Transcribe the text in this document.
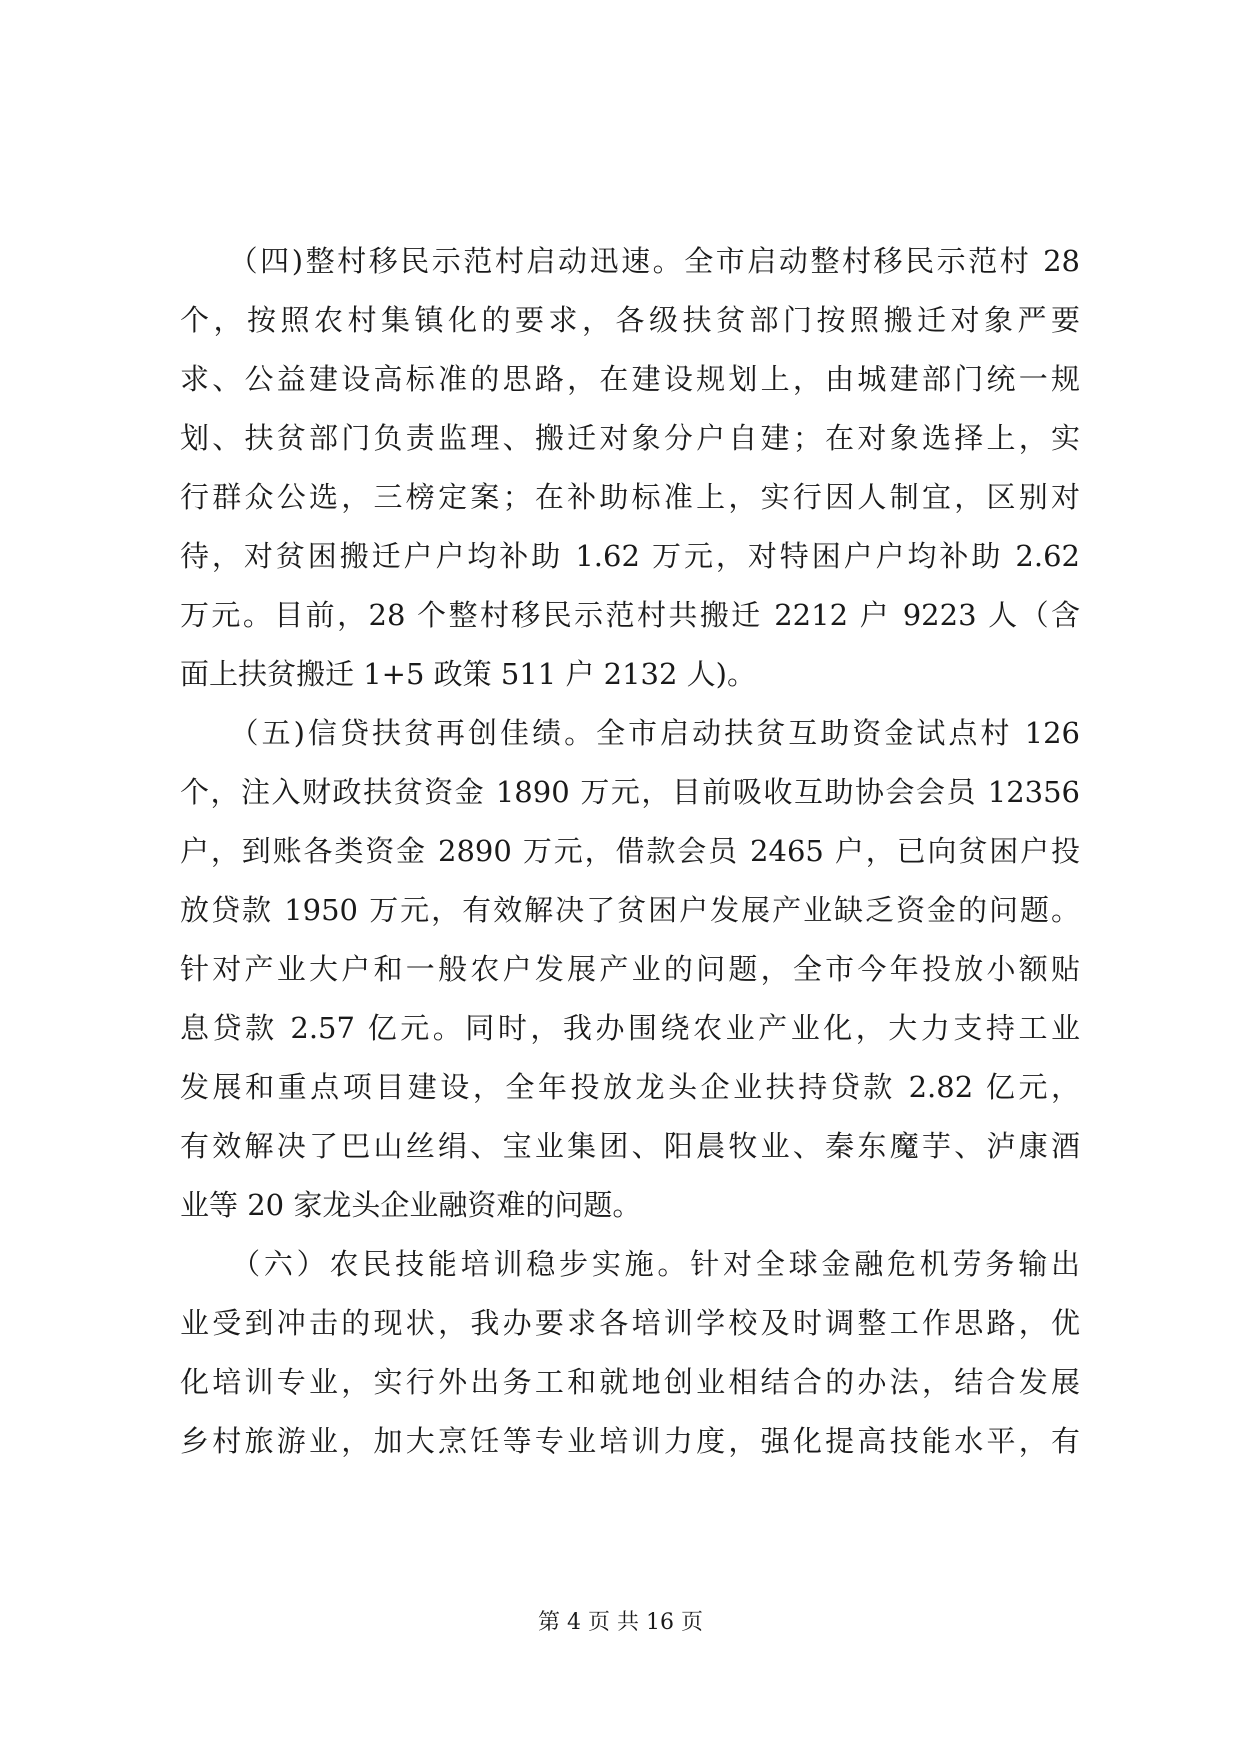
　　（四)整村移民示范村启动迅速。全市启动整村移民示范村 28
个，按照农村集镇化的要求，各级扶贫部门按照搬迁对象严要
求、公益建设高标准的思路，在建设规划上，由城建部门统一规
划、扶贫部门负责监理、搬迁对象分户自建；在对象选择上，实
行群众公选，三榜定案；在补助标准上，实行因人制宜，区别对
待，对贫困搬迁户户均补助 1.62 万元，对特困户户均补助 2.62
万元。目前，28 个整村移民示范村共搬迁 2212 户 9223 人（含
面上扶贫搬迁 1+5 政策 511 户 2132 人)。
　　（五)信贷扶贫再创佳绩。全市启动扶贫互助资金试点村 126
个，注入财政扶贫资金 1890 万元，目前吸收互助协会会员 12356
户，到账各类资金 2890 万元，借款会员 2465 户，已向贫困户投
放贷款 1950 万元，有效解决了贫困户发展产业缺乏资金的问题。
针对产业大户和一般农户发展产业的问题，全市今年投放小额贴
息贷款 2.57 亿元。同时，我办围绕农业产业化，大力支持工业
发展和重点项目建设，全年投放龙头企业扶持贷款 2.82 亿元，
有效解决了巴山丝绢、宝业集团、阳晨牧业、秦东魔芋、泸康酒
业等 20 家龙头企业融资难的问题。
　　（六）农民技能培训稳步实施。针对全球金融危机劳务输出
业受到冲击的现状，我办要求各培训学校及时调整工作思路，优
化培训专业，实行外出务工和就地创业相结合的办法，结合发展
乡村旅游业，加大烹饪等专业培训力度，强化提高技能水平，有
第 4 页 共 16 页
